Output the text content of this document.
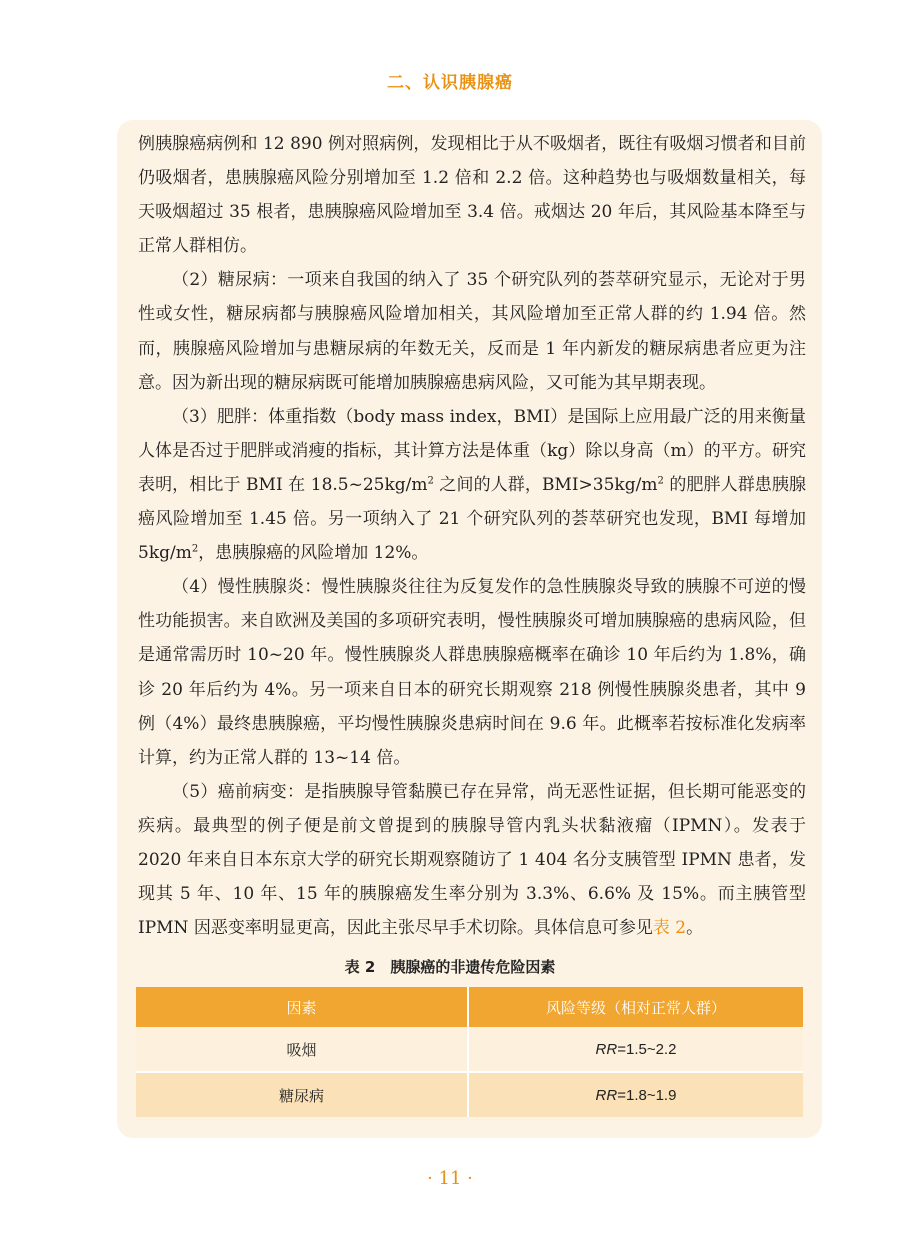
二、认识胰腺癌

例胰腺癌病例和 12 890 例对照病例，发现相比于从不吸烟者，既往有吸烟习惯者和目前仍吸烟者，患胰腺癌风险分别增加至 1.2 倍和 2.2 倍。这种趋势也与吸烟数量相关，每天吸烟超过 35 根者，患胰腺癌风险增加至 3.4 倍。戒烟达 20 年后，其风险基本降至与正常人群相仿。

（2）糖尿病：一项来自我国的纳入了 35 个研究队列的荟萃研究显示，无论对于男性或女性，糖尿病都与胰腺癌风险增加相关，其风险增加至正常人群的约 1.94 倍。然而，胰腺癌风险增加与患糖尿病的年数无关，反而是 1 年内新发的糖尿病患者应更为注意。因为新出现的糖尿病既可能增加胰腺癌患病风险，又可能为其早期表现。

（3）肥胖：体重指数（body mass index，BMI）是国际上应用最广泛的用来衡量人体是否过于肥胖或消瘦的指标，其计算方法是体重（kg）除以身高（m）的平方。研究表明，相比于 BMI 在 $18.5\sim 25kg/m^2$ 之间的人群，$BMI>35kg/m^2$ 的肥胖人群患胰腺癌风险增加至 1.45 倍。另一项纳入了 21 个研究队列的荟萃研究也发现，BMI 每增加 $5kg/m^2$，患胰腺癌的风险增加 12%。

（4）慢性胰腺炎：慢性胰腺炎往往为反复发作的急性胰腺炎导致的胰腺不可逆的慢性功能损害。来自欧洲及美国的多项研究表明，慢性胰腺炎可增加胰腺癌的患病风险，但是通常需历时 10~20 年。慢性胰腺炎人群患胰腺癌概率在确诊 10 年后约为 1.8%，确诊 20 年后约为 4%。另一项来自日本的研究长期观察 218 例慢性胰腺炎患者，其中 9 例（4%）最终患胰腺癌，平均慢性胰腺炎患病时间在 9.6 年。此概率若按标准化发病率计算，约为正常人群的 13~14 倍。

（5）癌前病变：是指胰腺导管黏膜已存在异常，尚无恶性证据，但长期可能恶变的疾病。最典型的例子便是前文曾提到的胰腺导管内乳头状黏液瘤（IPMN）。发表于 2020 年来自日本东京大学的研究长期观察随访了 1 404 名分支胰管型 IPMN 患者，发现其 5 年、10 年、15 年的胰腺癌发生率分别为 3.3%、6.6% 及 15%。而主胰管型 IPMN 因恶变率明显更高，因此主张尽早手术切除。具体信息可参见表 2。

表 2　胰腺癌的非遗传危险因素
因素	风险等级（相对正常人群）
吸烟	RR=1.5~2.2
糖尿病	RR=1.8~1.9
· 11 ·
